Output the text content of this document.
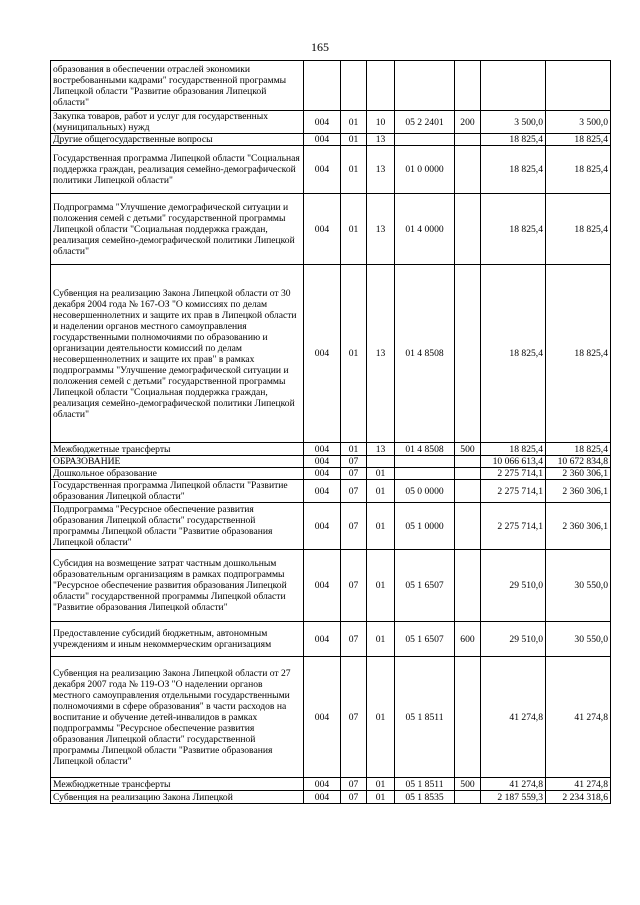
165
образования в обеспечении отраслей экономики востребованными кадрами" государственной программы Липецкой области "Развитие образования Липецкой области"							
Закупка товаров, работ и услуг для государственных (муниципальных) нужд	004	01	10	05 2 2401	200	3 500,0	3 500,0
Другие общегосударственные вопросы	004	01	13			18 825,4	18 825,4
Государственная программа Липецкой области "Социальная поддержка граждан, реализация семейно-демографической политики Липецкой области"	004	01	13	01 0 0000		18 825,4	18 825,4
Подпрограмма "Улучшение демографической ситуации и положения семей с детьми" государственной программы Липецкой области "Социальная поддержка граждан, реализация семейно-демографической политики Липецкой области"	004	01	13	01 4 0000		18 825,4	18 825,4
Субвенция на реализацию Закона Липецкой области от 30 декабря 2004 года № 167-ОЗ "О комиссиях по делам несовершеннолетних и защите их прав в Липецкой области и наделении органов местного самоуправления государственными полномочиями по образованию и организации деятельности комиссий по делам несовершеннолетних и защите их прав" в рамках подпрограммы "Улучшение демографической ситуации и положения семей с детьми" государственной программы Липецкой области "Социальная поддержка граждан, реализация семейно-демографической политики Липецкой области"	004	01	13	01 4 8508		18 825,4	18 825,4
Межбюджетные трансферты	004	01	13	01 4 8508	500	18 825,4	18 825,4
ОБРАЗОВАНИЕ	004	07				10 066 613,4	10 672 834,8
Дошкольное образование	004	07	01			2 275 714,1	2 360 306,1
Государственная программа Липецкой области "Развитие образования Липецкой области"	004	07	01	05 0 0000		2 275 714,1	2 360 306,1
Подпрограмма "Ресурсное обеспечение развития образования Липецкой области" государственной программы Липецкой области "Развитие образования Липецкой области"	004	07	01	05 1 0000		2 275 714,1	2 360 306,1
Субсидия на возмещение затрат частным дошкольным образовательным организациям в рамках подпрограммы "Ресурсное обеспечение развития образования Липецкой области" государственной программы Липецкой области "Развитие образования Липецкой области"	004	07	01	05 1 6507		29 510,0	30 550,0
Предоставление субсидий бюджетным, автономным учреждениям и иным некоммерческим организациям	004	07	01	05 1 6507	600	29 510,0	30 550,0
Субвенция на реализацию Закона Липецкой области от 27 декабря 2007 года № 119-ОЗ "О наделении органов местного самоуправления отдельными государственными полномочиями в сфере образования" в части расходов на воспитание и обучение детей-инвалидов в рамках подпрограммы "Ресурсное обеспечение развития образования Липецкой области" государственной программы Липецкой области "Развитие образования Липецкой области"	004	07	01	05 1 8511		41 274,8	41 274,8
Межбюджетные трансферты	004	07	01	05 1 8511	500	41 274,8	41 274,8
Субвенция на реализацию Закона Липецкой	004	07	01	05 1 8535		2 187 559,3	2 234 318,6
